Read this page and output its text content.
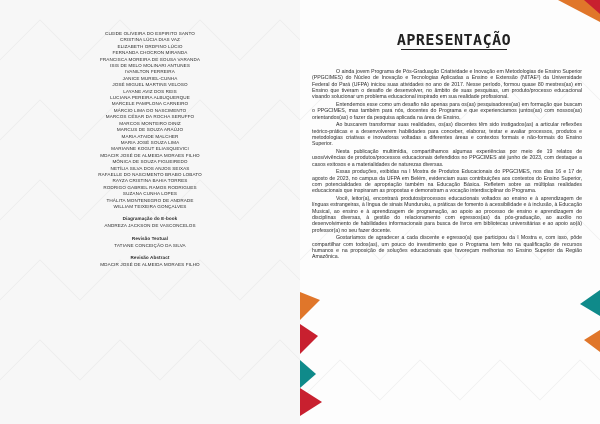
CLEIDE OLIVEIRA DO ESPIRITO SANTO
CRISTINA LÚCIA DIAS VAZ
ELIZABETH ORDFINO LÚCIO
FERNANDA CHOCRON MIRANDA
FRANCISCA MOREIRA DE SOUSA VARANDA
ISIS DE MELO MOLINARI ANTUNES
IVANILTON FERREIRA
JANICE MURIEL-CUNHA
JOSÉ MIGUEL MARTINS VELOSO
LAYANE AVIZ DOS REIS
LUCIANA PEREIRA ALBUQUERQUE
MARCELE PAMPLONA CARNEIRO
MÁRCIO LIMA DO NASCIMENTO
MARCOS CÉSAR DA ROCHA SERUFFO
MARCOS MONTEIRO DINIZ
MARCUS DE SOUZA ARAÚJO
MARIA ATAIDE MALCHER
MARIA JOSÉ SOUZA LIMA
MARIANNE KOGUT ELIASQUEVICI
MDACIR JOSÉ DE ALMEIDA MORAES FILHO
MÔNICA DE SOUZA FIGUEIREDO
NETÍLIA SILVA DOS ANJOS SEIXAS
RAFAELLE DO NASCIMENTO BRABO LOBATO
RAYZA CRISTINA BAHIA TORRES
RODRIGO GABRIEL RAMOS RODRIGUES
SUZANA CUNHA LOPES
THÁLITA MONTENEGRO DE ANDRADE
WILLIAM TEIXEIRA GONÇALVES
Diagramação do E-book
ANDREZA JACKSON DE VASCONCELOS
Revisão Textual
TATIANE CONCEIÇÃO DA SILVA
Revisão Abstract
MDACIR JOSÉ DE ALMEIDA MORAES FILHO
APRESENTAÇÃO

O ainda jovem Programa de Pós-Graduação Criatividade e Inovação em Metodologias de Ensino Superior (PPGCIMES) do Núcleo de Inovação e Tecnologias Aplicadas a Ensino e Extensão (NITAE²) da Universidade Federal do Pará (UFPA) iniciou suas atividades no ano de 2017. Nesse período, formou quase 80 mestres(as) em Ensino que tiveram o desafio de desenvolver, no âmbito de suas pesquisas, um produto/processo educacional visando solucionar um problema educacional inspirado em sua realidade profissional.

Entendemos esse como um desafio não apenas para os(as) pesquisadores(as) em formação que buscam o PPGCIMES, mas também para nós, docentes do Programa e que experienciamos juntos(as) com nossos(as) orientandos(as) o fazer da pesquisa aplicada na área de Ensino.

Ao buscarem transformar suas realidades, os(as) discentes têm sido instigados(as) a articular reflexões teórico-práticas e a desenvolverem habilidades para conceber, elaborar, testar e avaliar processos, produtos e metodologias criativas e inovadoras voltadas a diferentes áreas e contextos formais e não-formais do Ensino Superior.

Nesta publicação multimídia, compartilhamos algumas experiências por meio de 19 relatos de usos/vivências de produtos/processos educacionais defendidos no PPGCIMES até junho de 2023, com destaque a casos exitosos e a materialidades de naturezas diversas.

Essas produções, exibidas na I Mostra de Produtos Educacionais do PPGCIMES, nos dias 16 e 17 de agosto de 2023, no campus da UFPA em Belém, evidenciam suas contribuições aos contextos do Ensino Superior, com potencialidades de apropriação também na Educação Básica. Refletem sobre as múltiplas realidades educacionais que inspiraram as propostas e demonstram a vocação interdisciplinar do Programa.

Você, leitor(a), encontrará produtos/processos educacionais voltados ao ensino e à aprendizagem de línguas estrangeiras, à língua de sinais Munduruku, a práticas de fomento à acessibilidade e à inclusão, à Educação Musical, ao ensino e à aprendizagem de programação, ao apoio ao processo de ensino e aprendizagem de disciplinas diversas, à gestão do relacionamento com egressos(as) da pós-graduação, ao auxílio no desenvolvimento de habilidades informacionais para busca de livros em bibliotecas universitárias e ao apoio ao(à) professor(a) no seu fazer docente.

Gostaríamos de agradecer a cada discente e egresso(a) que participou da I Mostra e, com isso, pôde compartilhar com todos(as), um pouco do investimento que o Programa tem feito na qualificação de recursos humanos e na proposição de soluções educacionais que favoreçam melhorias no Ensino Superior da Região Amazônica.
